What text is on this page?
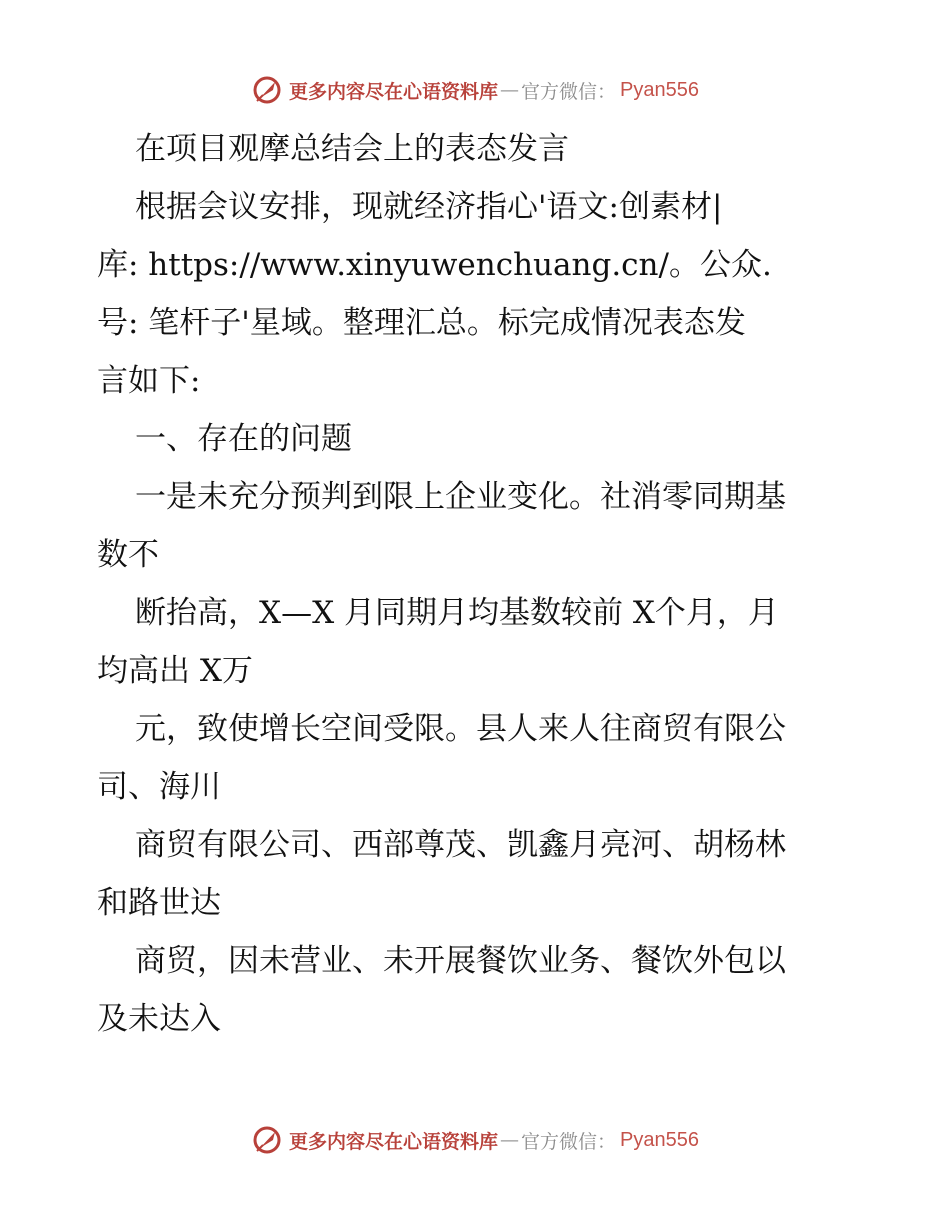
更多内容尽在心语资料库 — 官方微信： Pyan556
在项目观摩总结会上的表态发言
根据会议安排，现就经济指心'语文:创素材|
库: https://www.xinyuwenchuang.cn/。公众.
号: 笔杆子'星域。整理汇总。标完成情况表态发
言如下:
一、存在的问题
一是未充分预判到限上企业变化。社消零同期基
数不
断抬高，X—X 月同期月均基数较前 X个月，月
均高出 X万
元，致使增长空间受限。县人来人往商贸有限公
司、海川
商贸有限公司、西部尊茂、凯鑫月亮河、胡杨林
和路世达
商贸，因未营业、未开展餐饮业务、餐饮外包以
及未达入
更多内容尽在心语资料库 — 官方微信： Pyan556
